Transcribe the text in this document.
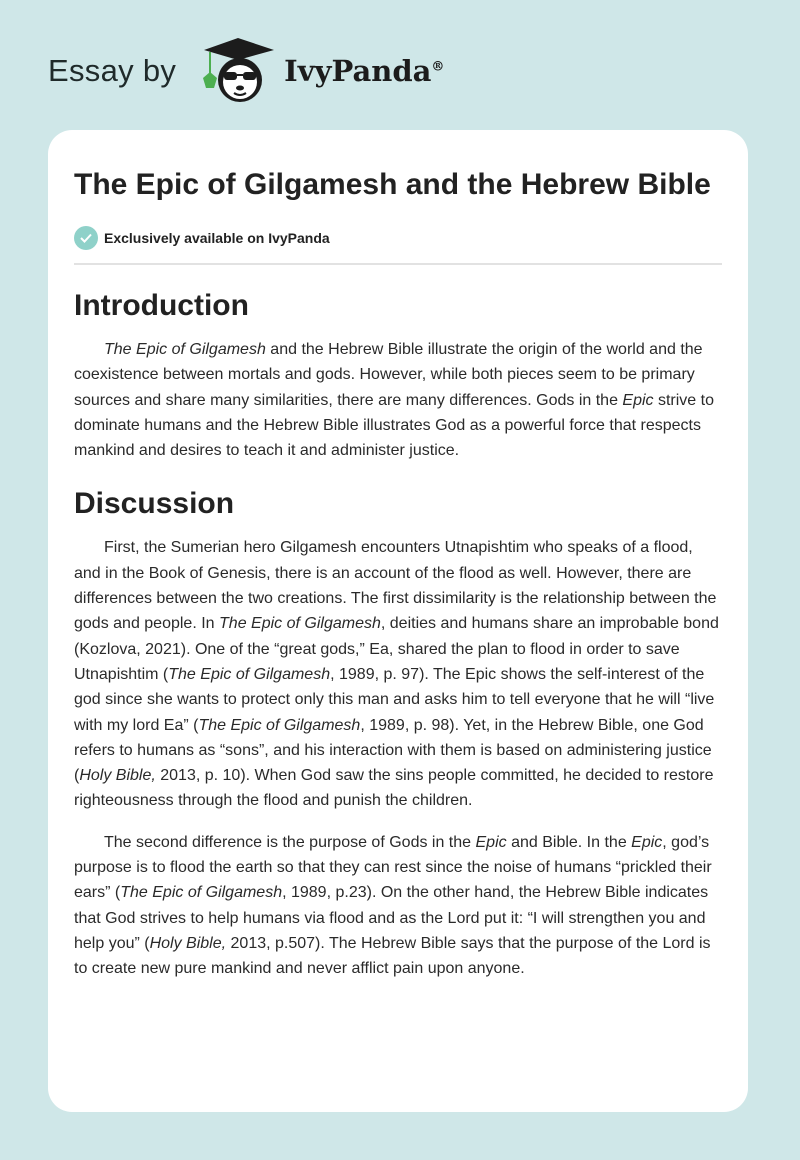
Essay by	IvyPanda®
The Epic of Gilgamesh and the Hebrew Bible
Exclusively available on IvyPanda
Introduction

The Epic of Gilgamesh and the Hebrew Bible illustrate the origin of the world and the coexistence between mortals and gods. However, while both pieces seem to be primary sources and share many similarities, there are many differences. Gods in the Epic strive to dominate humans and the Hebrew Bible illustrates God as a powerful force that respects mankind and desires to teach it and administer justice.

Discussion

First, the Sumerian hero Gilgamesh encounters Utnapishtim who speaks of a flood, and in the Book of Genesis, there is an account of the flood as well. However, there are differences between the two creations. The first dissimilarity is the relationship between the gods and people. In The Epic of Gilgamesh, deities and humans share an improbable bond (Kozlova, 2021). One of the “great gods,” Ea, shared the plan to flood in order to save Utnapishtim (The Epic of Gilgamesh, 1989, p. 97). The Epic shows the self-interest of the god since she wants to protect only this man and asks him to tell everyone that he will “live with my lord Ea” (The Epic of Gilgamesh, 1989, p. 98). Yet, in the Hebrew Bible, one God refers to humans as “sons”, and his interaction with them is based on administering justice (Holy Bible, 2013, p. 10). When God saw the sins people committed, he decided to restore righteousness through the flood and punish the children.

The second difference is the purpose of Gods in the Epic and Bible. In the Epic, god’s purpose is to flood the earth so that they can rest since the noise of humans “prickled their ears” (The Epic of Gilgamesh, 1989, p.23). On the other hand, the Hebrew Bible indicates that God strives to help humans via flood and as the Lord put it: “I will strengthen you and help you” (Holy Bible, 2013, p.507). The Hebrew Bible says that the purpose of the Lord is to create new pure mankind and never afflict pain upon anyone.
